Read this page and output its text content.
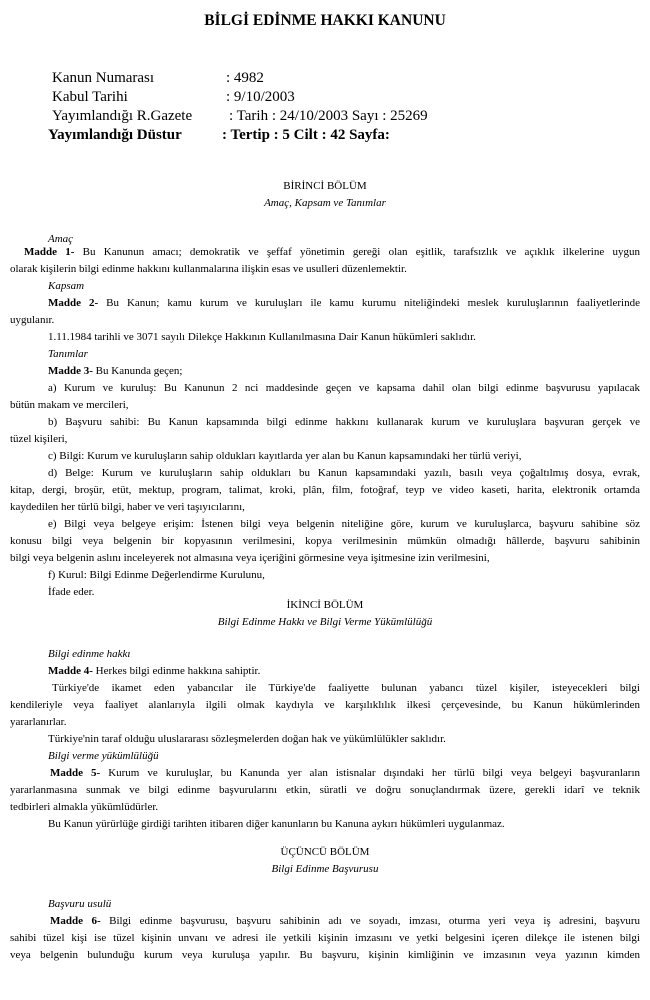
BİLGİ EDİNME HAKKI KANUNU
Kanun Numarası	: 4982
Kabul Tarihi	: 9/10/2003
Yayımlandığı R.Gazete : Tarih : 24/10/2003 Sayı : 25269
Yayımlandığı Düstur	: Tertip : 5 Cilt : 42 Sayfa:
BİRİNCİ BÖLÜM
Amaç, Kapsam ve Tanımlar
Amaç
Madde 1- Bu Kanunun amacı; demokratik ve şeffaf yönetimin gereği olan eşitlik, tarafsızlık ve açıklık ilkelerine uygun
olarak kişilerin bilgi edinme hakkını kullanmalarına ilişkin esas ve usulleri düzenlemektir.
Kapsam
Madde 2- Bu Kanun; kamu kurum ve kuruluşları ile kamu kurumu niteliğindeki meslek kuruluşlarının faaliyetlerinde
uygulanır.
1.11.1984 tarihli ve 3071 sayılı Dilekçe Hakkının Kullanılmasına Dair Kanun hükümleri saklıdır.
Tanımlar
Madde 3- Bu Kanunda geçen;
a) Kurum ve kuruluş: Bu Kanunun 2 nci maddesinde geçen ve kapsama dahil olan bilgi edinme başvurusu yapılacak
bütün makam ve mercileri,
b) Başvuru sahibi: Bu Kanun kapsamında bilgi edinme hakkını kullanarak kurum ve kuruluşlara başvuran gerçek ve
tüzel kişileri,
c) Bilgi: Kurum ve kuruluşların sahip oldukları kayıtlarda yer alan bu Kanun kapsamındaki her türlü veriyi,
d) Belge: Kurum ve kuruluşların sahip oldukları bu Kanun kapsamındaki yazılı, basılı veya çoğaltılmış dosya, evrak,
kitap, dergi, broşür, etüt, mektup, program, talimat, kroki, plân, film, fotoğraf, teyp ve video kaseti, harita, elektronik ortamda
kaydedilen her türlü bilgi, haber ve veri taşıyıcılarını,
e) Bilgi veya belgeye erişim: İstenen bilgi veya belgenin niteliğine göre, kurum ve kuruluşlarca, başvuru sahibine söz
konusu bilgi veya belgenin bir kopyasının verilmesini, kopya verilmesinin mümkün olmadığı hâllerde, başvuru sahibinin
bilgi veya belgenin aslını inceleyerek not almasına veya içeriğini görmesine veya işitmesine izin verilmesini,
f) Kurul: Bilgi Edinme Değerlendirme Kurulunu,
İfade eder.
İKİNCİ BÖLÜM
Bilgi Edinme Hakkı ve Bilgi Verme Yükümlülüğü
Bilgi edinme hakkı
Madde 4- Herkes bilgi edinme hakkına sahiptir.
Türkiye'de ikamet eden yabancılar ile Türkiye'de faaliyette bulunan yabancı tüzel kişiler, isteyecekleri bilgi
kendileriyle veya faaliyet alanlarıyla ilgili olmak kaydıyla ve karşılıklılık ilkesi çerçevesinde, bu Kanun hükümlerinden
yararlanırlar.
Türkiye'nin taraf olduğu uluslararası sözleşmelerden doğan hak ve yükümlülükler saklıdır.
Bilgi verme yükümlülüğü
Madde 5- Kurum ve kuruluşlar, bu Kanunda yer alan istisnalar dışındaki her türlü bilgi veya belgeyi başvuranların
yararlanmasına sunmak ve bilgi edinme başvurularını etkin, süratli ve doğru sonuçlandırmak üzere, gerekli idarî ve teknik
tedbirleri almakla yükümlüdürler.
Bu Kanun yürürlüğe girdiği tarihten itibaren diğer kanunların bu Kanuna aykırı hükümleri uygulanmaz.
ÜÇÜNCÜ BÖLÜM
Bilgi Edinme Başvurusu
Başvuru usulü
Madde 6- Bilgi edinme başvurusu, başvuru sahibinin adı ve soyadı, imzası, oturma yeri veya iş adresini, başvuru
sahibi tüzel kişi ise tüzel kişinin unvanı ve adresi ile yetkili kişinin imzasını ve yetki belgesini içeren dilekçe ile istenen bilgi
veya belgenin bulunduğu kurum veya kuruluşa yapılır. Bu başvuru, kişinin kimliğinin ve imzasının veya yazının kimden
